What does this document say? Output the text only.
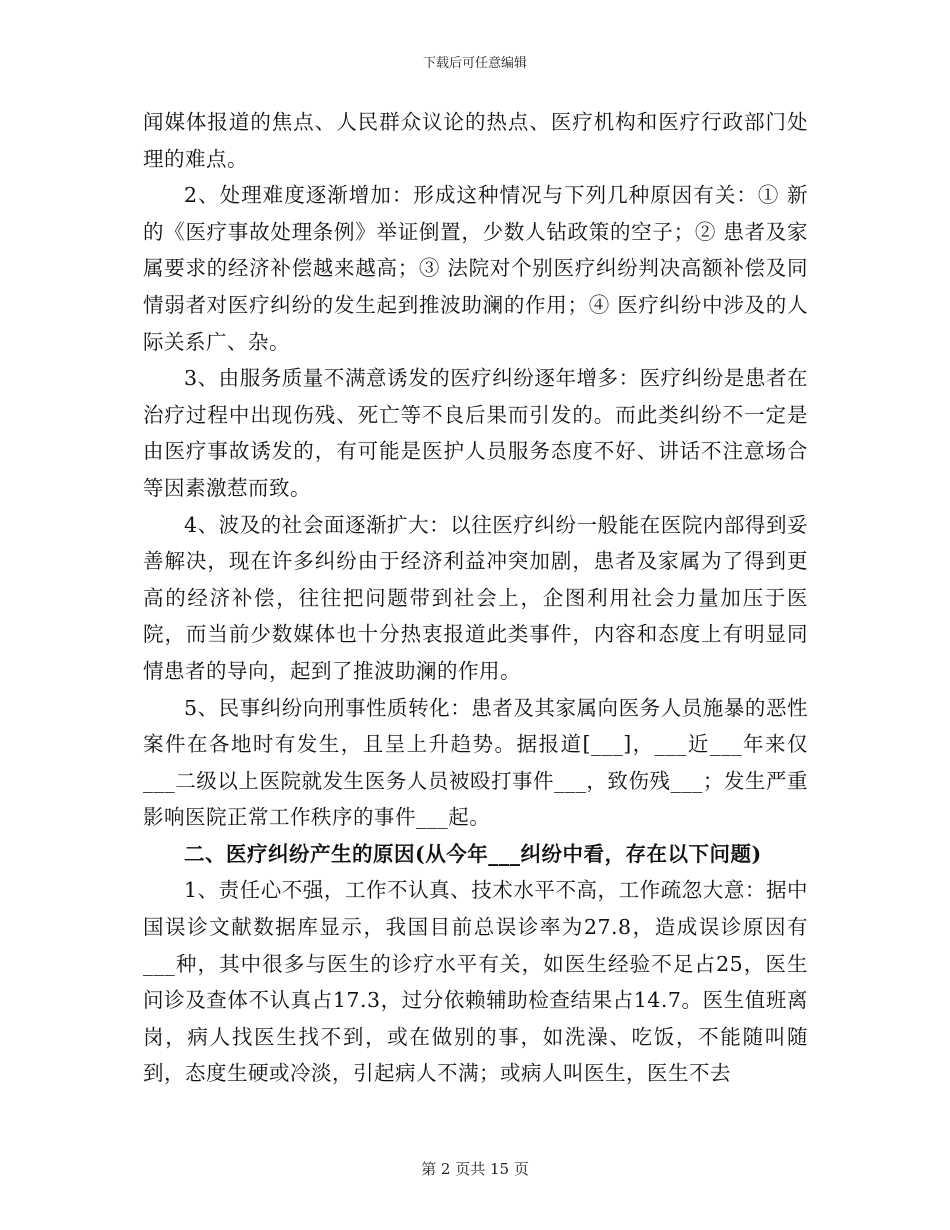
下载后可任意编辑

闻媒体报道的焦点、人民群众议论的热点、医疗机构和医疗行政部门处理的难点。

2、处理难度逐渐增加：形成这种情况与下列几种原因有关：① 新的《医疗事故处理条例》举证倒置，少数人钻政策的空子；② 患者及家属要求的经济补偿越来越高；③ 法院对个别医疗纠纷判决高额补偿及同情弱者对医疗纠纷的发生起到推波助澜的作用；④ 医疗纠纷中涉及的人际关系广、杂。

3、由服务质量不满意诱发的医疗纠纷逐年增多：医疗纠纷是患者在治疗过程中出现伤残、死亡等不良后果而引发的。而此类纠纷不一定是由医疗事故诱发的，有可能是医护人员服务态度不好、讲话不注意场合等因素激惹而致。

4、波及的社会面逐渐扩大：以往医疗纠纷一般能在医院内部得到妥善解决，现在许多纠纷由于经济利益冲突加剧，患者及家属为了得到更高的经济补偿，往往把问题带到社会上，企图利用社会力量加压于医院，而当前少数媒体也十分热衷报道此类事件，内容和态度上有明显同情患者的导向，起到了推波助澜的作用。

5、民事纠纷向刑事性质转化：患者及其家属向医务人员施暴的恶性案件在各地时有发生，且呈上升趋势。据报道[___]，___近___年来仅___二级以上医院就发生医务人员被殴打事件___，致伤残___；发生严重影响医院正常工作秩序的事件___起。

二、医疗纠纷产生的原因(从今年___纠纷中看，存在以下问题)

1、责任心不强，工作不认真、技术水平不高，工作疏忽大意：据中国误诊文献数据库显示，我国目前总误诊率为27.8，造成误诊原因有___种，其中很多与医生的诊疗水平有关，如医生经验不足占25，医生问诊及查体不认真占17.3，过分依赖辅助检查结果占14.7。医生值班离岗，病人找医生找不到，或在做别的事，如洗澡、吃饭，不能随叫随到，态度生硬或冷淡，引起病人不满；或病人叫医生，医生不去

第 2 页共 15 页
